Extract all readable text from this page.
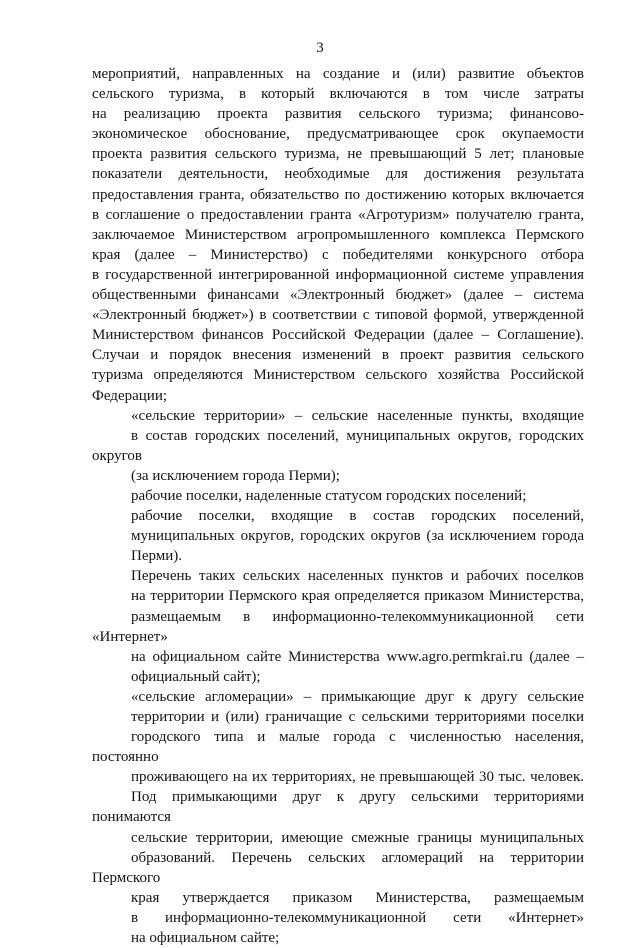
3
мероприятий, направленных на создание и (или) развитие объектов
сельского туризма, в который включаются в том числе затраты
на реализацию проекта развития сельского туризма; финансово-
экономическое обоснование, предусматривающее срок окупаемости
проекта развития сельского туризма, не превышающий 5 лет; плановые
показатели деятельности, необходимые для достижения результата
предоставления гранта, обязательство по достижению которых включается
в соглашение о предоставлении гранта «Агротуризм» получателю гранта,
заключаемое Министерством агропромышленного комплекса Пермского
края (далее – Министерство) с победителями конкурсного отбора
в государственной интегрированной информационной системе управления
общественными финансами «Электронный бюджет» (далее – система
«Электронный бюджет») в соответствии с типовой формой, утвержденной
Министерством финансов Российской Федерации (далее – Соглашение).
Случаи и порядок внесения изменений в проект развития сельского
туризма определяются Министерством сельского хозяйства Российской
Федерации;
«сельские территории» – сельские населенные пункты, входящие
в состав городских поселений, муниципальных округов, городских округов
(за исключением города Перми);
рабочие поселки, наделенные статусом городских поселений;
рабочие поселки, входящие в состав городских поселений,
муниципальных округов, городских округов (за исключением города
Перми).
Перечень таких сельских населенных пунктов и рабочих поселков
на территории Пермского края определяется приказом Министерства,
размещаемым в информационно-телекоммуникационной сети «Интернет»
на официальном сайте Министерства www.agro.permkrai.ru (далее –
официальный сайт);
«сельские агломерации» – примыкающие друг к другу сельские
территории и (или) граничащие с сельскими территориями поселки
городского типа и малые города с численностью населения, постоянно
проживающего на их территориях, не превышающей 30 тыс. человек.
Под примыкающими друг к другу сельскими территориями понимаются
сельские территории, имеющие смежные границы муниципальных
образований. Перечень сельских агломераций на территории Пермского
края утверждается приказом Министерства, размещаемым
в информационно-телекоммуникационной сети «Интернет»
на официальном сайте;
